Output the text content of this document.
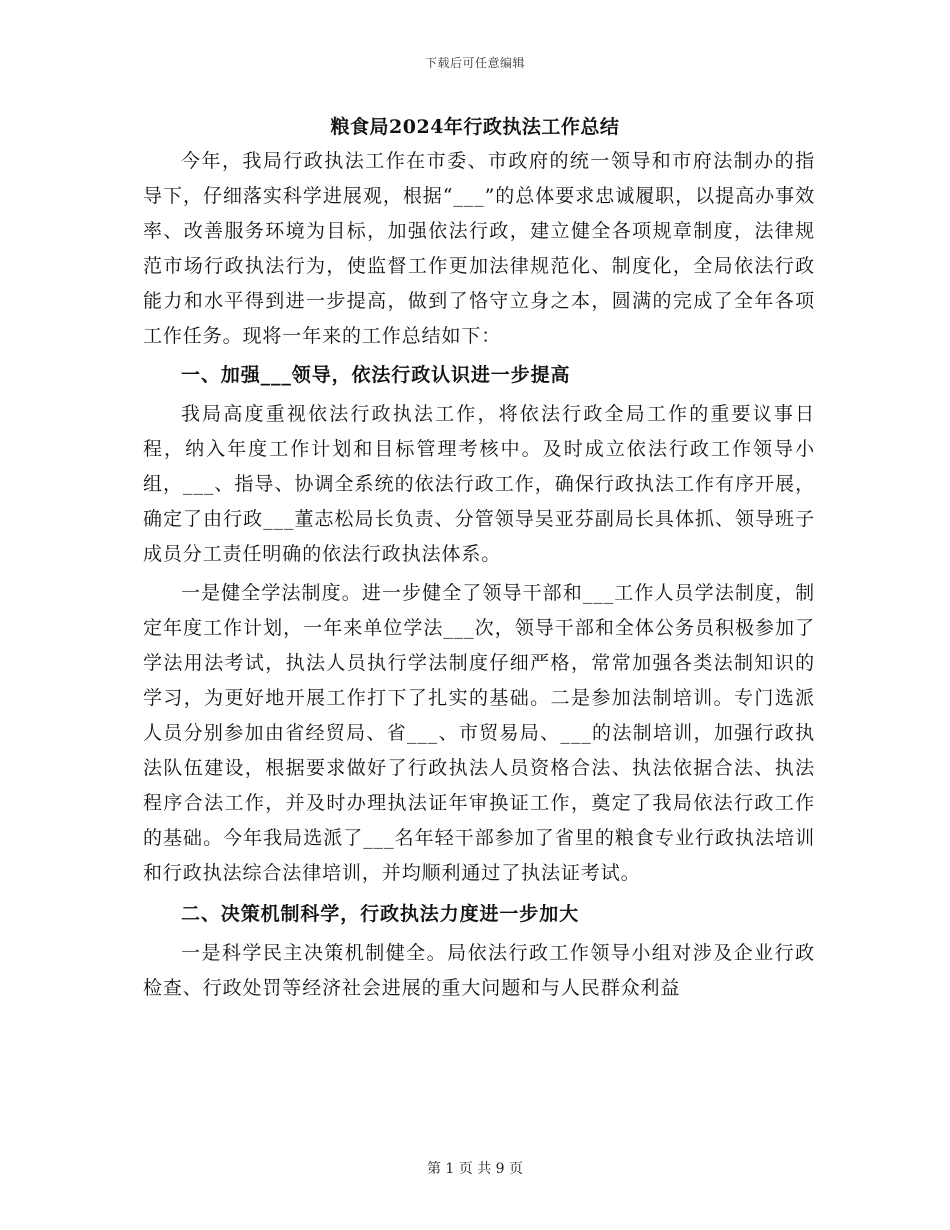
下载后可任意编辑
粮食局2024年行政执法工作总结

今年，我局行政执法工作在市委、市政府的统一领导和市府法制办的指导下，仔细落实科学进展观，根据“___”的总体要求忠诚履职，以提高办事效率、改善服务环境为目标，加强依法行政，建立健全各项规章制度，法律规范市场行政执法行为，使监督工作更加法律规范化、制度化，全局依法行政能力和水平得到进一步提高，做到了恪守立身之本，圆满的完成了全年各项工作任务。现将一年来的工作总结如下：

一、加强___领导，依法行政认识进一步提高

我局高度重视依法行政执法工作，将依法行政全局工作的重要议事日程，纳入年度工作计划和目标管理考核中。及时成立依法行政工作领导小组，___、指导、协调全系统的依法行政工作，确保行政执法工作有序开展，确定了由行政___董志松局长负责、分管领导吴亚芬副局长具体抓、领导班子成员分工责任明确的依法行政执法体系。

一是健全学法制度。进一步健全了领导干部和___工作人员学法制度，制定年度工作计划，一年来单位学法___次，领导干部和全体公务员积极参加了学法用法考试，执法人员执行学法制度仔细严格，常常加强各类法制知识的学习，为更好地开展工作打下了扎实的基础。二是参加法制培训。专门选派人员分别参加由省经贸局、省___、市贸易局、___的法制培训，加强行政执法队伍建设，根据要求做好了行政执法人员资格合法、执法依据合法、执法程序合法工作，并及时办理执法证年审换证工作，奠定了我局依法行政工作的基础。今年我局选派了___名年轻干部参加了省里的粮食专业行政执法培训和行政执法综合法律培训，并均顺利通过了执法证考试。

二、决策机制科学，行政执法力度进一步加大

一是科学民主决策机制健全。局依法行政工作领导小组对涉及企业行政检查、行政处罚等经济社会进展的重大问题和与人民群众利益

第 1 页 共 9 页
